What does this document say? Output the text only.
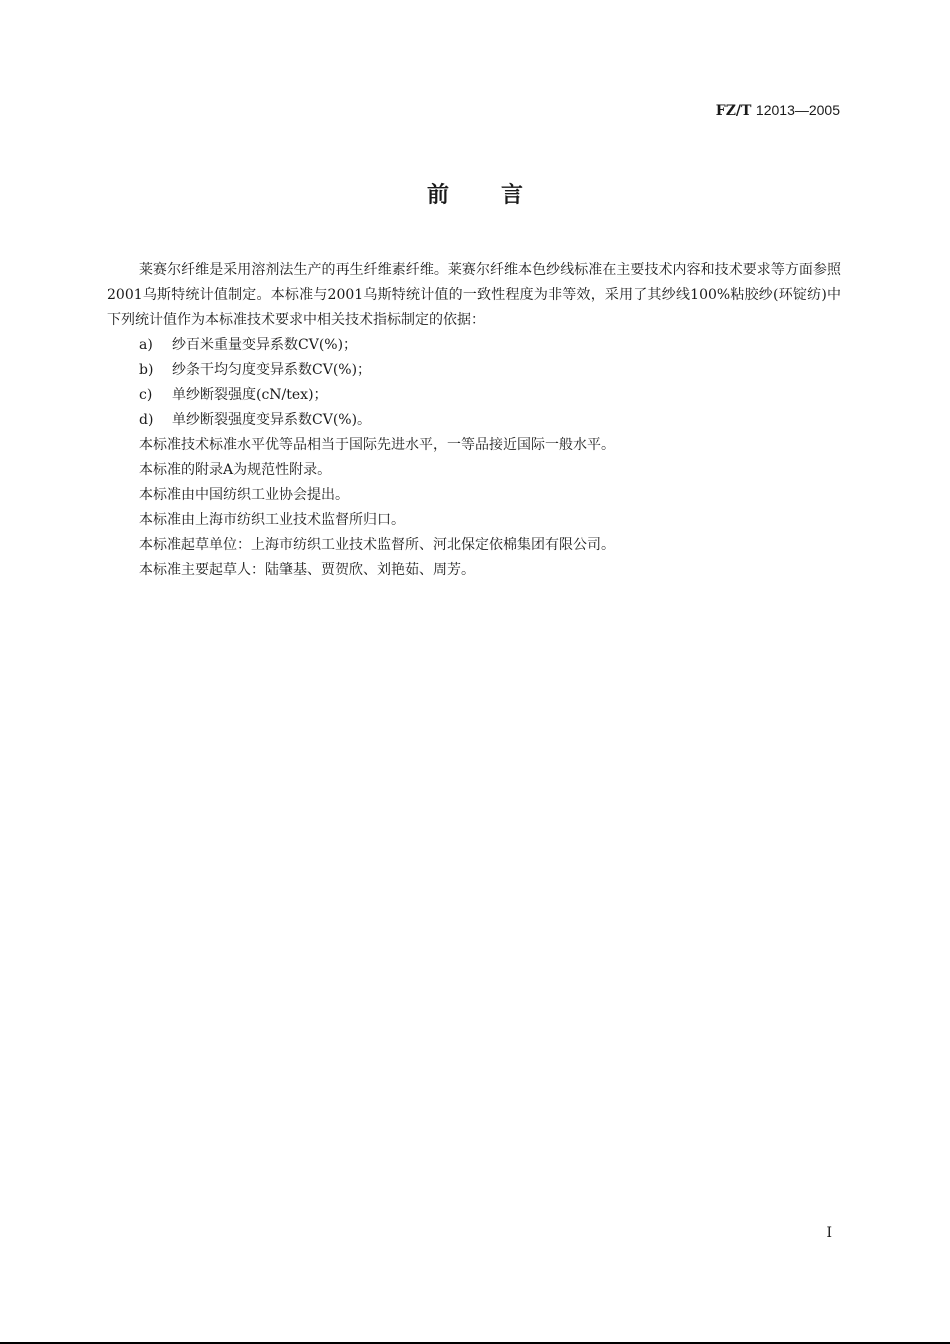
FZ/T 12013—2005
前言

莱赛尔纤维是采用溶剂法生产的再生纤维素纤维。莱赛尔纤维本色纱线标准在主要技术内容和技术要求等方面参照2001乌斯特统计值制定。本标准与2001乌斯特统计值的一致性程度为非等效，采用了其纱线100%粘胶纱(环锭纺)中下列统计值作为本标准技术要求中相关技术指标制定的依据：

a) 纱百米重量变异系数CV(%)；
b) 纱条干均匀度变异系数CV(%)；
c) 单纱断裂强度(cN/tex)；
d) 单纱断裂强度变异系数CV(%)。

本标准技术标准水平优等品相当于国际先进水平，一等品接近国际一般水平。

本标准的附录A为规范性附录。

本标准由中国纺织工业协会提出。

本标准由上海市纺织工业技术监督所归口。

本标准起草单位：上海市纺织工业技术监督所、河北保定依棉集团有限公司。

本标准主要起草人：陆肇基、贾贺欣、刘艳茹、周芳。

I
